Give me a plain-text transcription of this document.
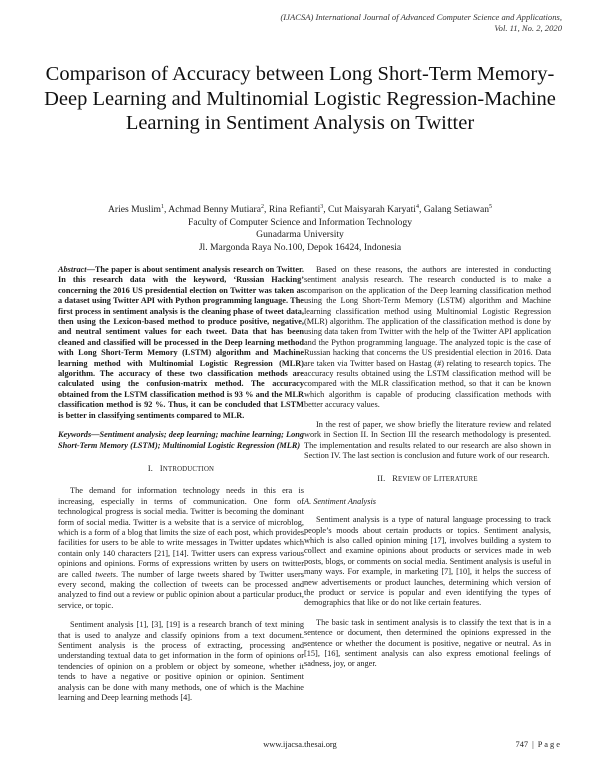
(IJACSA) International Journal of Advanced Computer Science and Applications,
Vol. 11, No. 2, 2020
Comparison of Accuracy between Long Short-Term Memory-Deep Learning and Multinomial Logistic Regression-Machine Learning in Sentiment Analysis on Twitter
Aries Muslim$^1$, Achmad Benny Mutiara$^2$, Rina Refianti$^3$, Cut Maisyarah Karyati$^4$, Galang Setiawan$^5$
Faculty of Computer Science and Information Technology
Gunadarma University
Jl. Margonda Raya No.100, Depok 16424, Indonesia

Abstract—The paper is about sentiment analysis research on Twitter. In this research data with the keyword, ‘Russian Hacking’ concerning the 2016 US presidential election on Twitter was taken as a dataset using Twitter API with Python programming language. The first process in sentiment analysis is the cleaning phase of tweet data, then using the Lexicon-based method to produce positive, negative, and neutral sentiment values for each tweet. Data that has been cleaned and classified will be processed in the Deep learning method with Long Short-Term Memory (LSTM) algorithm and Machine learning method with Multinomial Logistic Regression (MLR) algorithm. The accuracy of these two classification methods are calculated using the confusion-matrix method. The accuracy obtained from the LSTM classification method is 93 % and the MLR classification method is 92 %. Thus, it can be concluded that LSTM is better in classifying sentiments compared to MLR.

Keywords—Sentiment analysis; deep learning; machine learning; Long Short-Term Memory (LSTM); Multinomial Logistic Regression (MLR)

I. INTRODUCTION

The demand for information technology needs in this era is increasing, especially in terms of communication. One form of technological progress is social media. Twitter is becoming the dominant form of social media. Twitter is a website that is a service of microblog, which is a form of a blog that limits the size of each post, which provides facilities for users to be able to write messages in Twitter updates which contain only 140 characters [21], [14]. Twitter users can express various opinions and opinions. Forms of expressions written by users on twitter are called tweets. The number of large tweets shared by Twitter users every second, making the collection of tweets can be processed and analyzed to find out a review or public opinion about a particular product, service, or topic.

Sentiment analysis [1], [3], [19] is a research branch of text mining that is used to analyze and classify opinions from a text document. Sentiment analysis is the process of extracting, processing and understanding textual data to get information in the form of opinions or tendencies of opinion on a problem or object by someone, whether it tends to have a negative or positive opinion or opinion. Sentiment analysis can be done with many methods, one of which is the Machine learning and Deep learning methods [4].

Based on these reasons, the authors are interested in conducting sentiment analysis research. The research conducted is to make a comparison on the application of the Deep learning classification method using the Long Short-Term Memory (LSTM) algorithm and Machine learning classification method using Multinomial Logistic Regression (MLR) algorithm. The application of the classification method is done by using data taken from Twitter with the help of the Twitter API application and the Python programming language. The analyzed topic is the case of Russian hacking that concerns the US presidential election in 2016. Data are taken via Twitter based on Hastag (#) relating to research topics. The accuracy results obtained using the LSTM classification method will be compared with the MLR classification method, so that it can be known which algorithm is capable of producing classification methods with better accuracy values.

In the rest of paper, we show briefly the literature review and related work in Section II. In Section III the research methodology is presented. The implementation and results related to our research are also shown in Section IV. The last section is conclusion and future work of our research.

II. REVIEW OF LITERATURE
A. Sentiment Analysis

Sentiment analysis is a type of natural language processing to track people’s moods about certain products or topics. Sentiment analysis, which is also called opinion mining [17], involves building a system to collect and examine opinions about products or services made in web posts, blogs, or comments on social media. Sentiment analysis is useful in many ways. For example, in marketing [7], [10], it helps the success of new advertisements or product launches, determining which version of the product or service is popular and even identifying the types of demographics that like or do not like certain features.

The basic task in sentiment analysis is to classify the text that is in a sentence or document, then determined the opinions expressed in the sentence or whether the document is positive, negative or neutral. As in [15], [16], sentiment analysis can also express emotional feelings of sadness, joy, or anger.

www.ijacsa.thesai.org	747 | P a g e
